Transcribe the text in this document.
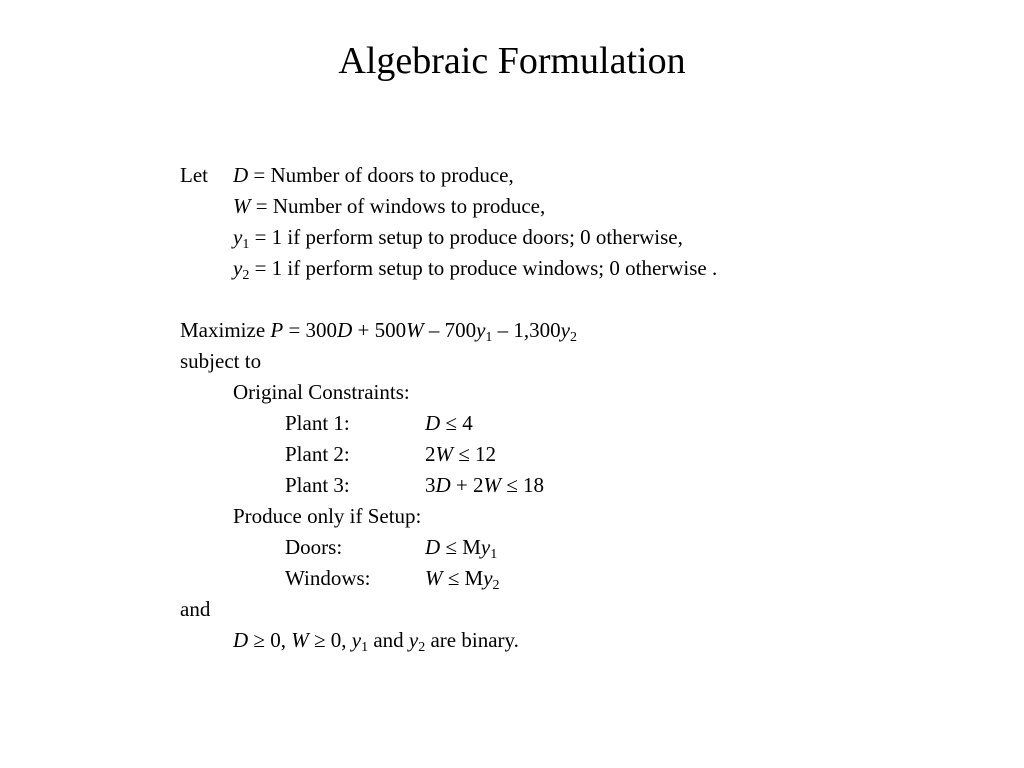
Algebraic Formulation
Let D = Number of doors to produce,
W = Number of windows to produce,
$y_1 = 1$ if perform setup to produce doors; 0 otherwise,
$y_2 = 1$ if perform setup to produce windows; 0 otherwise .
Maximize $P = 300D + 500W - 700y_1 - 1,300y_2$
subject to
Original Constraints:
Plant 1:	D ≤ 4
Plant 2:	2W ≤ 12
Plant 3:	3D + 2W ≤ 18
Produce only if Setup:
Doors:	$D \le My_1$
Windows:	$W \le My_2$
and
D ≥ 0, W ≥ 0, $y_1$ and $y_2$ are binary.
